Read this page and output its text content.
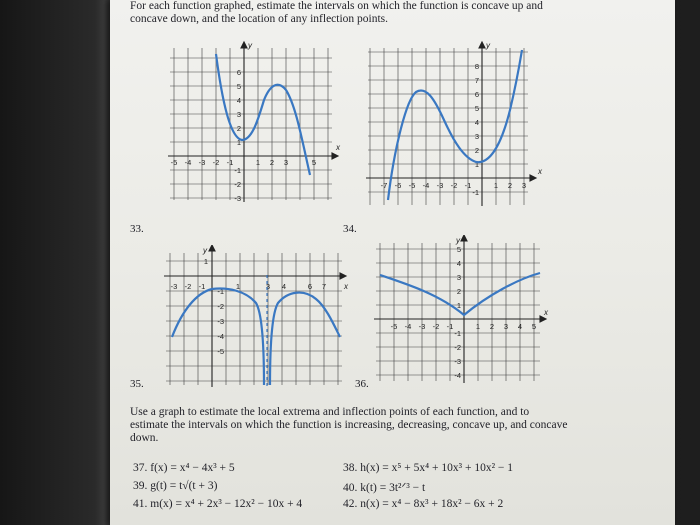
For each function graphed, estimate the intervals on which the function is concave up and concave down, and the location of any inflection points.
x
y
-5 -4 -3 -2 -1	1 2 3	5
6
5
4
3
2
1
-1
-2
-3
x
y
-7 -6 -5 -4 -3 -2 -1	1 2 3
8
7
6
5
4
3
2
1
-1
33.	34.
x
y
-3 -2 -1	1	3 4	6 7
1
-1
-2
-3
-4
-5
x
y
-5 -4 -3 -2 -1	1 2 3 4 5
5
4
3
2
1
-1
-2
-3
-4
35.	36.
Use a graph to estimate the local extrema and inflection points of each function, and to estimate the intervals on which the function is increasing, decreasing, concave up, and concave down.
37. f(x) = x⁴ − 4x³ + 5	38. h(x) = x⁵ + 5x⁴ + 10x³ + 10x² − 1
39. g(t) = t√(t + 3)	40. k(t) = 3t²ᐟ³ − t
41. m(x) = x⁴ + 2x³ − 12x² − 10x + 4	42. n(x) = x⁴ − 8x³ + 18x² − 6x + 2
